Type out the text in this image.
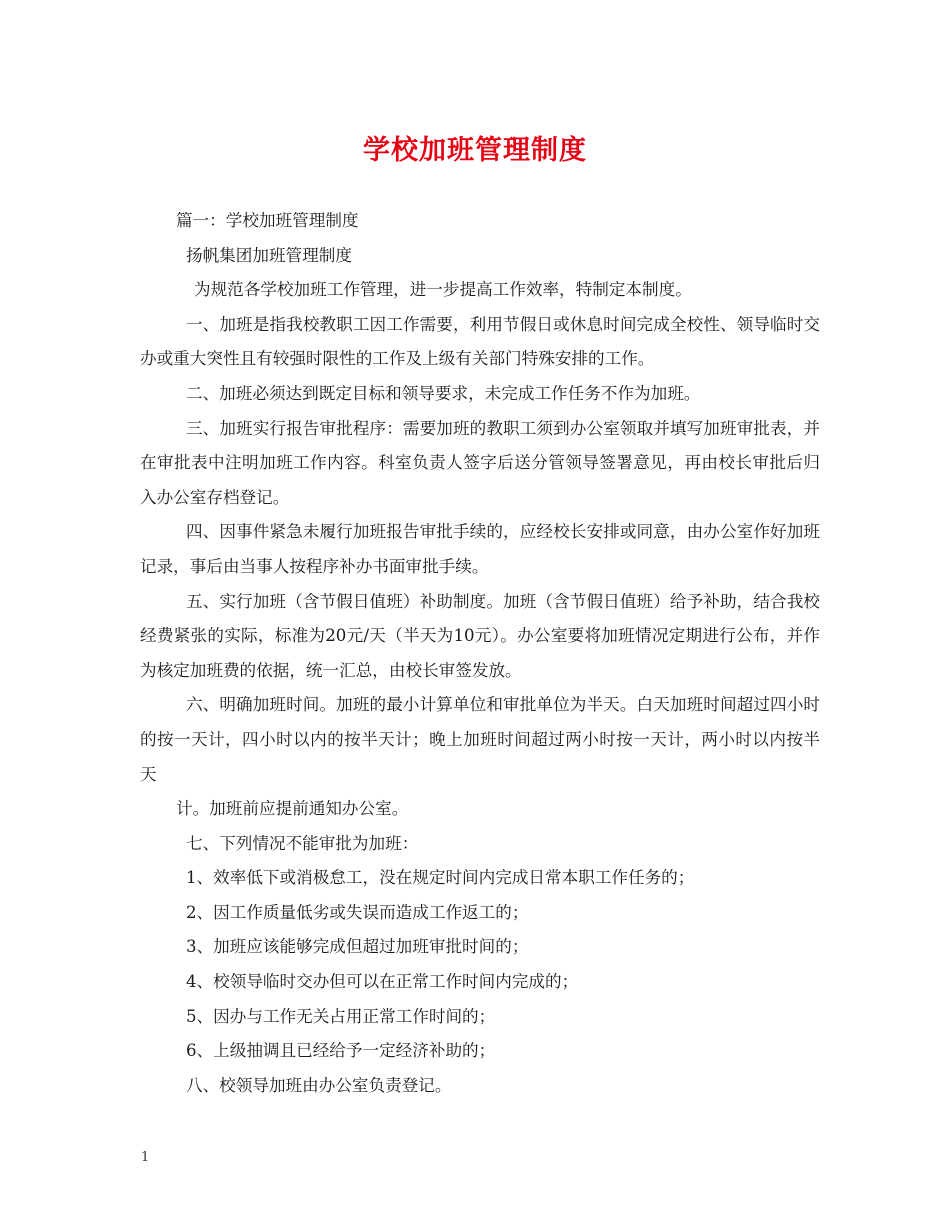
学校加班管理制度

篇一：学校加班管理制度

扬帆集团加班管理制度

为规范各学校加班工作管理，进一步提高工作效率，特制定本制度。

一、加班是指我校教职工因工作需要，利用节假日或休息时间完成全校性、领导临时交办或重大突性且有较强时限性的工作及上级有关部门特殊安排的工作。

二、加班必须达到既定目标和领导要求，未完成工作任务不作为加班。

三、加班实行报告审批程序：需要加班的教职工须到办公室领取并填写加班审批表，并在审批表中注明加班工作内容。科室负责人签字后送分管领导签署意见，再由校长审批后归入办公室存档登记。

四、因事件紧急未履行加班报告审批手续的，应经校长安排或同意，由办公室作好加班记录，事后由当事人按程序补办书面审批手续。

五、实行加班（含节假日值班）补助制度。加班（含节假日值班）给予补助，结合我校经费紧张的实际，标准为20元/天（半天为10元）。办公室要将加班情况定期进行公布，并作为核定加班费的依据，统一汇总，由校长审签发放。

六、明确加班时间。加班的最小计算单位和审批单位为半天。白天加班时间超过四小时的按一天计，四小时以内的按半天计；晚上加班时间超过两小时按一天计，两小时以内按半天

计。加班前应提前通知办公室。

七、下列情况不能审批为加班：

1、效率低下或消极怠工，没在规定时间内完成日常本职工作任务的；

2、因工作质量低劣或失误而造成工作返工的；

3、加班应该能够完成但超过加班审批时间的；

4、校领导临时交办但可以在正常工作时间内完成的；

5、因办与工作无关占用正常工作时间的；

6、上级抽调且已经给予一定经济补助的；

八、校领导加班由办公室负责登记。

1
